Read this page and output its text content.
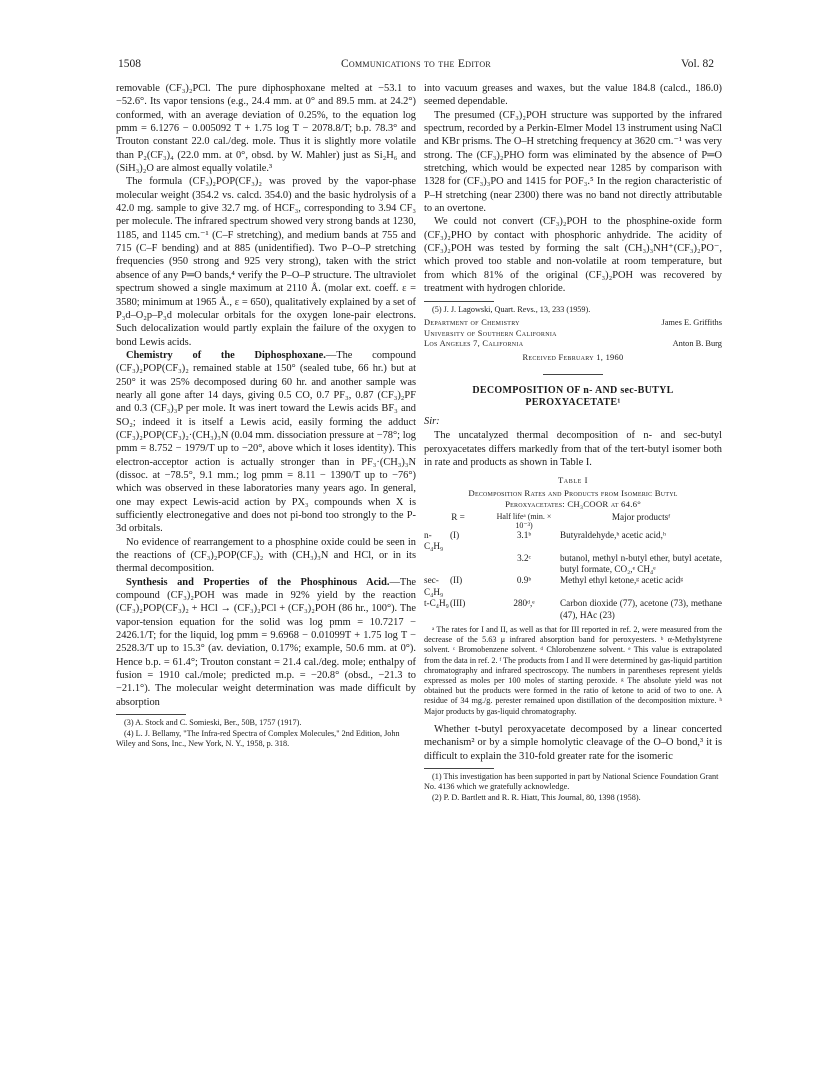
1508	Communications to the Editor	Vol. 82

removable (CF₃)₂PCl. The pure diphosphoxane melted at −53.1 to −52.6°. Its vapor tensions (e.g., 24.4 mm. at 0° and 89.5 mm. at 24.2°) conformed, with an average deviation of 0.25%, to the equation log pmm = 6.1276 − 0.005092 T + 1.75 log T − 2078.8/T; b.p. 78.3° and Trouton constant 22.0 cal./deg. mole. Thus it is slightly more volatile than P₂(CF₃)₄ (22.0 mm. at 0°, obsd. by W. Mahler) just as Si₂H₆ and (SiH₃)₂O are almost equally volatile.³

The formula (CF₃)₂POP(CF₃)₂ was proved by the vapor-phase molecular weight (354.2 vs. calcd. 354.0) and the basic hydrolysis of a 42.0 mg. sample to give 32.7 mg. of HCF₃, corresponding to 3.94 CF₃ per molecule. The infrared spectrum showed very strong bands at 1230, 1185, and 1145 cm.⁻¹ (C–F stretching), and medium bands at 755 and 715 (C–F bending) and at 885 (unidentified). Two P–O–P stretching frequencies (950 strong and 925 very strong), taken with the strict absence of any P═O bands,⁴ verify the P–O–P structure. The ultraviolet spectrum showed a single maximum at 2110 Å. (molar ext. coeff. ε = 3580; minimum at 1965 Å., ε = 650), qualitatively explained by a set of P₃d–O₂p–P₃d molecular orbitals for the oxygen lone-pair electrons. Such delocalization would partly explain the failure of the oxygen to bond Lewis acids.

Chemistry of the Diphosphoxane.—The compound (CF₃)₂POP(CF₃)₂ remained stable at 150° (sealed tube, 66 hr.) but at 250° it was 25% decomposed during 60 hr. and another sample was nearly all gone after 14 days, giving 0.5 CO, 0.7 PF₃, 0.87 (CF₃)₂PF and 0.3 (CF₃)₃P per mole. It was inert toward the Lewis acids BF₃ and SO₂; indeed it is itself a Lewis acid, easily forming the adduct (CF₃)₂POP(CF₃)₂·(CH₃)₃N (0.04 mm. dissociation pressure at −78°; log pmm = 8.752 − 1979/T up to −20°, above which it loses identity). This electron-acceptor action is actually stronger than in PF₃·(CH₃)₃N (dissoc. at −78.5°, 9.1 mm.; log pmm = 8.11 − 1390/T up to −76°) which was observed in these laboratories many years ago. In general, one may expect Lewis-acid action by PX₃ compounds when X is sufficiently electronegative and does not pi-bond too strongly to the P-3d orbitals.

No evidence of rearrangement to a phosphine oxide could be seen in the reactions of (CF₃)₂POP(CF₃)₂ with (CH₃)₃N and HCl, or in its thermal decomposition.

Synthesis and Properties of the Phosphinous Acid.—The compound (CF₃)₂POH was made in 92% yield by the reaction (CF₃)₂POP(CF₃)₂ + HCl → (CF₃)₂PCl + (CF₃)₂POH (86 hr., 100°). The vapor-tension equation for the solid was log pmm = 10.7217 − 2426.1/T; for the liquid, log pmm = 9.6968 − 0.01099T + 1.75 log T − 2528.3/T up to 15.3° (av. deviation, 0.17%; example, 50.6 mm. at 0°). Hence b.p. = 61.4°; Trouton constant = 21.4 cal./deg. mole; enthalpy of fusion = 1910 cal./mole; predicted m.p. = −20.8° (obsd., −21.3 to −21.1°). The molecular weight determination was made difficult by absorption

(3) A. Stock and C. Somieski, Ber., 50B, 1757 (1917).

(4) L. J. Bellamy, "The Infra-red Spectra of Complex Molecules," 2nd Edition, John Wiley and Sons, Inc., New York, N. Y., 1958, p. 318.

into vacuum greases and waxes, but the value 184.8 (calcd., 186.0) seemed dependable.

The presumed (CF₃)₂POH structure was supported by the infrared spectrum, recorded by a Perkin-Elmer Model 13 instrument using NaCl and KBr prisms. The O–H stretching frequency at 3620 cm.⁻¹ was very strong. The (CF₃)₂PHO form was eliminated by the absence of P═O stretching, which would be expected near 1285 by comparison with 1328 for (CF₃)₃PO and 1415 for POF₃.⁵ In the region characteristic of P–H stretching (near 2300) there was no band not directly attributable to an overtone.

We could not convert (CF₃)₂POH to the phosphine-oxide form (CF₃)₂PHO by contact with phosphoric anhydride. The acidity of (CF₃)₂POH was tested by forming the salt (CH₃)₃NH⁺(CF₃)₂PO⁻, which proved too stable and non-volatile at room temperature, but from which 81% of the original (CF₃)₂POH was recovered by treatment with hydrogen chloride.

(5) J. J. Lagowski, Quart. Revs., 13, 233 (1959).

Department of Chemistry	James E. Griffiths
University of Southern California
Los Angeles 7, California	Anton B. Burg
Received February 1, 1960
DECOMPOSITION OF n- AND sec-BUTYL PEROXYACETATE¹
Sir:

The uncatalyzed thermal decomposition of n- and sec-butyl peroxyacetates differs markedly from that of the tert-butyl isomer both in rate and products as shown in Table I.

Table I
Decomposition Rates and Products from Isomeric Butyl
Peroxyacetates: CH₃COOR at 64.6°
R =		Half lifeᵃ (min. × 10⁻³)	Major productsᶠ
n-C₄H₉	(I)	3.1ᵇ	Butyraldehyde,ʰ acetic acid,ʰ
		3.2ᶜ	butanol, methyl n-butyl ether, butyl acetate, butyl formate, CO₂,ᵉ CH₄ᵉ
sec-C₄H₉	(II)	0.9ᵇ	Methyl ethyl ketone,ᵍ acetic acidᵍ
t-C₄H₉	(III)	280ᵈ,ᵉ	Carbon dioxide (77), acetone (73), methane (47), HAc (23)

ᵃ The rates for I and II, as well as that for III reported in ref. 2, were measured from the decrease of the 5.63 μ infrared absorption band for peroxyesters. ᵇ α-Methylstyrene solvent. ᶜ Bromobenzene solvent. ᵈ Chlorobenzene solvent. ᵉ This value is extrapolated from the data in ref. 2. ᶠ The products from I and II were determined by gas-liquid partition chromatography and infrared spectroscopy. The numbers in parentheses represent yields expressed as moles per 100 moles of starting peroxide. ᵍ The absolute yield was not obtained but the products were formed in the ratio of ketone to acid of two to one. A residue of 34 mg./g. perester remained upon distillation of the decomposition mixture. ʰ Major products by gas-liquid chromatography.

Whether t-butyl peroxyacetate decomposed by a linear concerted mechanism² or by a simple homolytic cleavage of the O–O bond,³ it is difficult to explain the 310-fold greater rate for the isomeric

(1) This investigation has been supported in part by National Science Foundation Grant No. 4136 which we gratefully acknowledge.

(2) P. D. Bartlett and R. R. Hiatt, This Journal, 80, 1398 (1958).
